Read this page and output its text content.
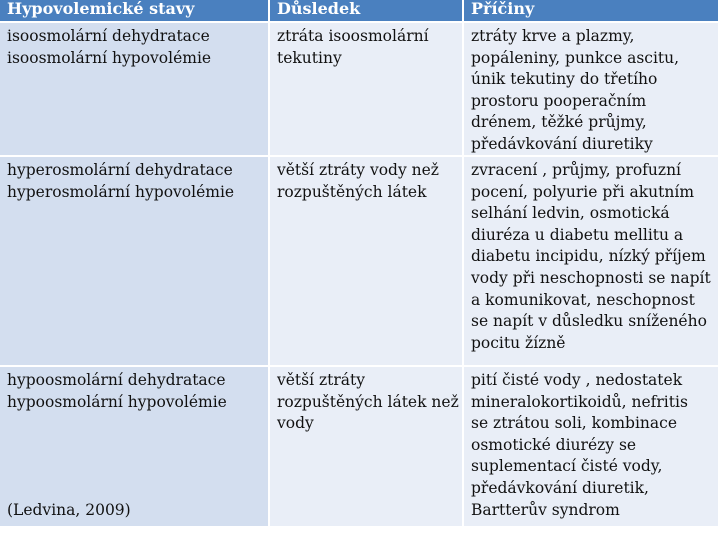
Hypovolemické stavy	Důsledek	Příčiny
isoosmolární dehydratace
isoosmolární hypovolémie
ztráta isoosmolární
tekutiny
ztráty krve a plazmy,
popáleniny, punkce ascitu,
únik tekutiny do třetího
prostoru pooperačním
drénem, těžké průjmy,
předávkování diuretiky
hyperosmolární dehydratace
hyperosmolární hypovolémie
větší ztráty vody než
rozpuštěných látek
zvracení , průjmy, profuzní
pocení, polyurie při akutním
selhání ledvin, osmotická
diuréza u diabetu mellitu a
diabetu incipidu, nízký příjem
vody při neschopnosti se napít
a komunikovat, neschopnost
se napít v důsledku sníženého
pocitu žízně
hypoosmolární dehydratace
hypoosmolární hypovolémie
(Ledvina, 2009)
větší ztráty
rozpuštěných látek než
vody
pití čisté vody , nedostatek
mineralokortikoidů, nefritis
se ztrátou soli, kombinace
osmotické diurézy se
suplementací čisté vody,
předávkování diuretik,
Bartterův syndrom
